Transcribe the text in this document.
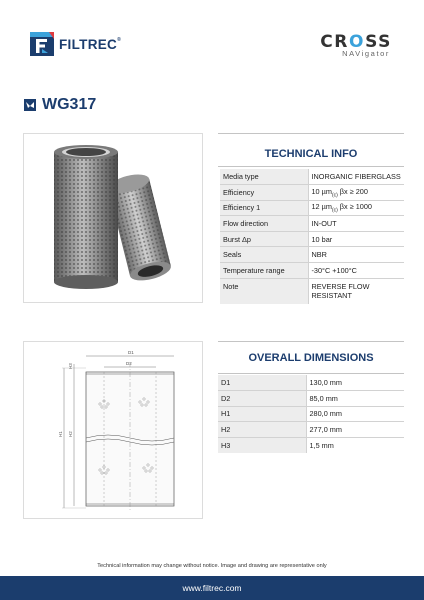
FILTREC®	CROSS
NAVigator
WG317
TECHNICAL INFO
Media type	INORGANIC FIBERGLASS
Efficiency	10 µm$_{(c)}$ βx ≥ 200
Efficiency 1	12 µm$_{(c)}$ βx ≥ 1000
Flow direction	IN-OUT
Burst Δp	10 bar
Seals	NBR
Temperature range	-30°C +100°C
Note	REVERSE FLOW
RESISTANT
D1
D2
H1 H2
H3
OVERALL DIMENSIONS
D1	130,0 mm
D2	85,0 mm
H1	280,0 mm
H2	277,0 mm
H3	1,5 mm
Technical information may change without notice. Image and drawing are representative only
www.filtrec.com
